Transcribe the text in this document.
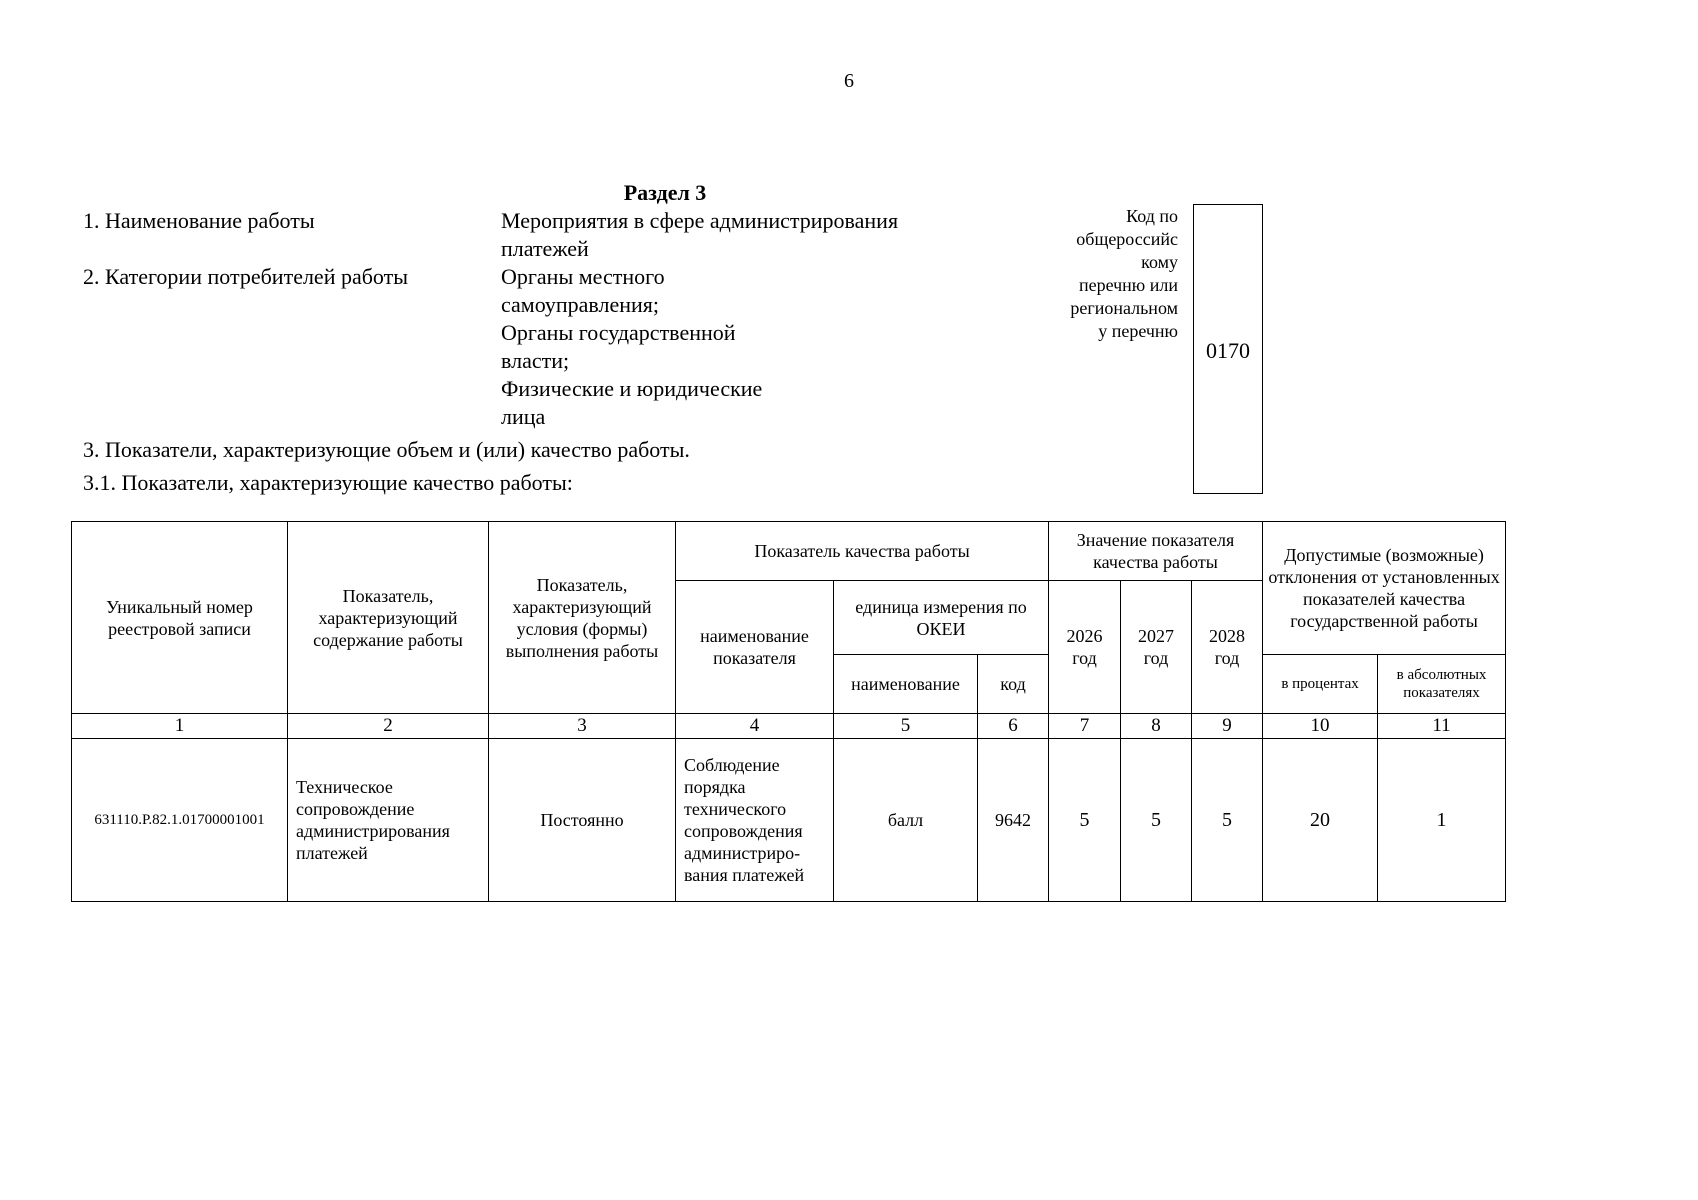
6
Раздел 3
1. Наименование работы	Мероприятия в сфере администрирования платежей
2. Категории потребителей работы	Органы местного
самоуправления;
Органы государственной
власти;
Физические и юридические
лица
3. Показатели, характеризующие объем и (или) качество работы.
3.1. Показатели, характеризующие качество работы:
Код по
общероссийс
кому
перечню или
региональном
у перечню
0170
Уникальный номер реестровой записи	Показатель, характеризующий содержание работы	Показатель, характеризующий условия (формы) выполнения работы	Показатель качества работы			Значение показателя качества работы			Допустимые (возможные) отклонения от установленных показателей качества государственной работы	
			наименование показателя	единица измерения по ОКЕИ		2026 год	2027 год	2028 год		
				наименование	код				в процентах	в абсолютных показателях
1	2	3	4	5	6	7	8	9	10	11
631110.Р.82.1.01700001001	Техническое сопровождение администрирования платежей	Постоянно	Соблюдение порядка технического сопровождения администриро-вания платежей	балл	9642	5	5	5	20	1
